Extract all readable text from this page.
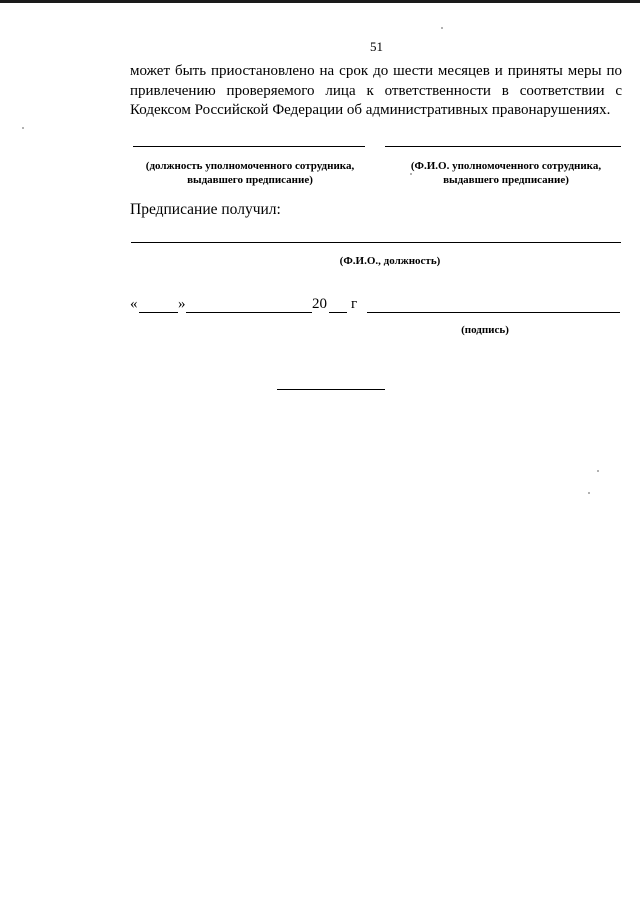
51
может быть приостановлено на срок до шести месяцев и приняты меры по привлечению проверяемого лица к ответственности в соответствии с Кодексом Российской Федерации об административных правонарушениях.
(должность уполномоченного сотрудника, выдавшего предписание)
(Ф.И.О. уполномоченного сотрудника, выдавшего предписание)
Предписание получил:
(Ф.И.О., должность)
«	»	20 г
(подпись)
